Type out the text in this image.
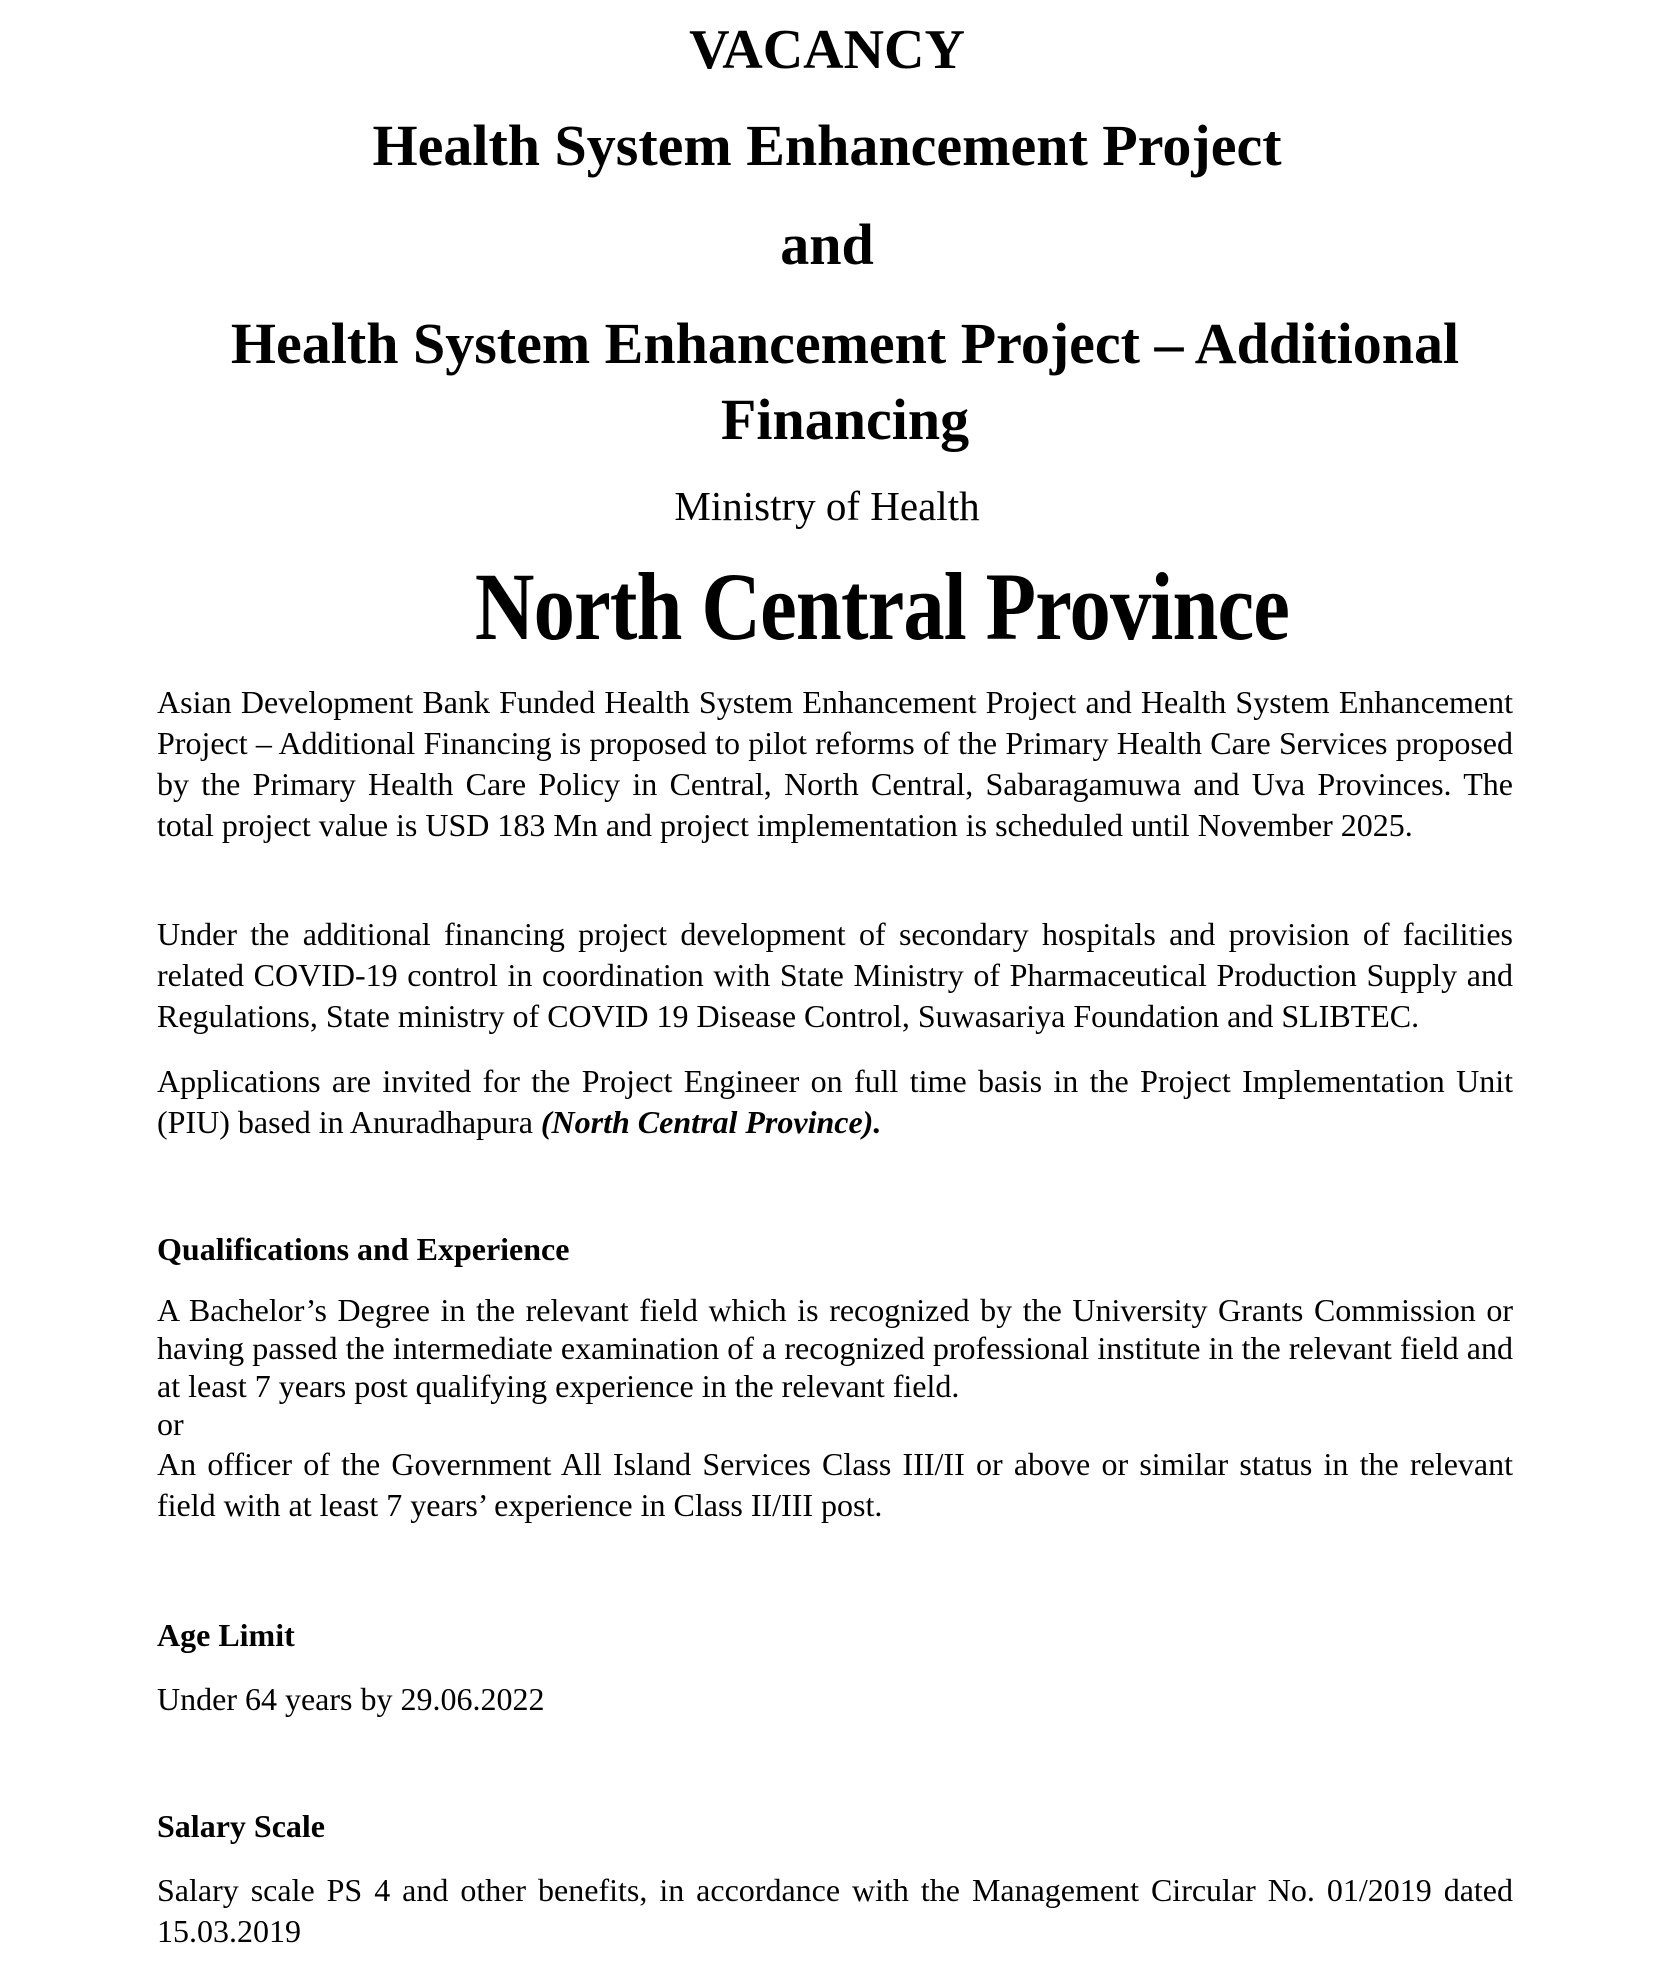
VACANCY

Health System Enhancement Project

and

Health System Enhancement Project – Additional Financing

Ministry of Health

North Central Province

Asian Development Bank Funded Health System Enhancement Project and Health System Enhancement Project – Additional Financing is proposed to pilot reforms of the Primary Health Care Services proposed by the Primary Health Care Policy in Central, North Central, Sabaragamuwa and Uva Provinces. The total project value is USD 183 Mn and project implementation is scheduled until November 2025.

Under the additional financing project development of secondary hospitals and provision of facilities related COVID-19 control in coordination with State Ministry of Pharmaceutical Production Supply and Regulations, State ministry of COVID 19 Disease Control, Suwasariya Foundation and SLIBTEC.

Applications are invited for the Project Engineer on full time basis in the Project Implementation Unit (PIU) based in Anuradhapura (North Central Province).

Qualifications and Experience

A Bachelor’s Degree in the relevant field which is recognized by the University Grants Commission or having passed the intermediate examination of a recognized professional institute in the relevant field and at least 7 years post qualifying experience in the relevant field.

or

An officer of the Government All Island Services Class III/II or above or similar status in the relevant field with at least 7 years’ experience in Class II/III post.

Age Limit

Under 64 years by 29.06.2022

Salary Scale

Salary scale PS 4 and other benefits, in accordance with the Management Circular No. 01/2019 dated 15.03.2019
